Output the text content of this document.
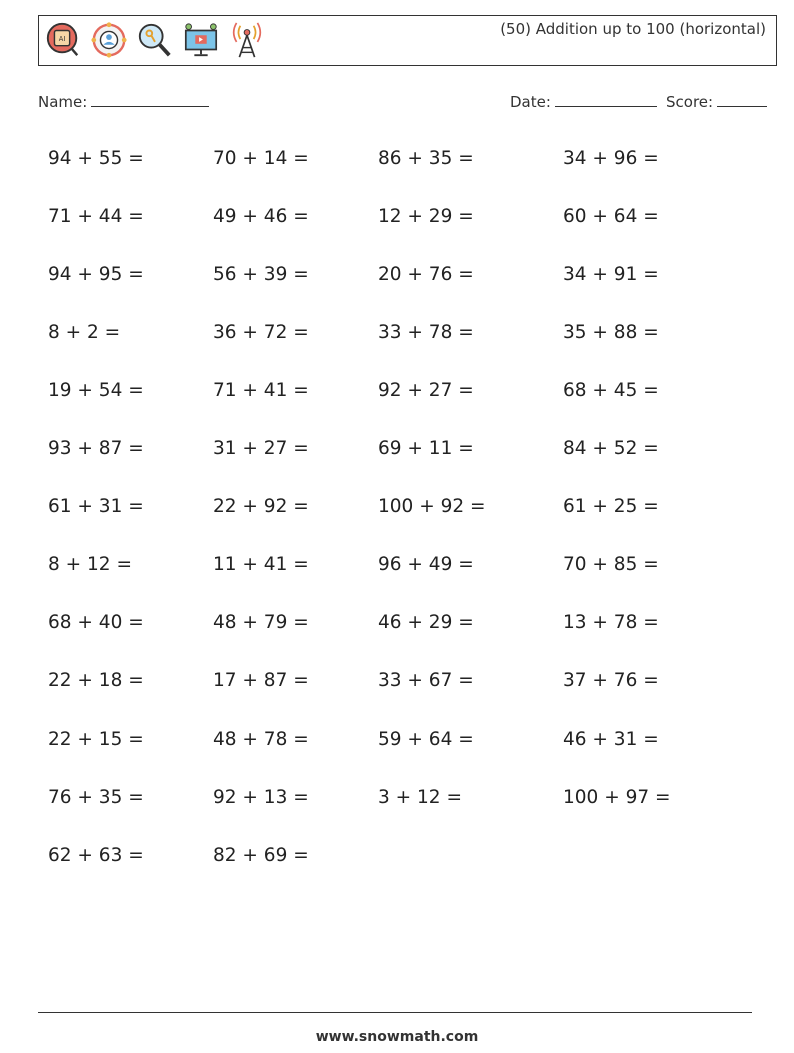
AI
(50) Addition up to 100 (horizontal)
Name:	Date:	Score:
94 + 55 =	70 + 14 =	86 + 35 =	34 + 96 =
71 + 44 =	49 + 46 =	12 + 29 =	60 + 64 =
94 + 95 =	56 + 39 =	20 + 76 =	34 + 91 =
8 + 2 =	36 + 72 =	33 + 78 =	35 + 88 =
19 + 54 =	71 + 41 =	92 + 27 =	68 + 45 =
93 + 87 =	31 + 27 =	69 + 11 =	84 + 52 =
61 + 31 =	22 + 92 =	100 + 92 =	61 + 25 =
8 + 12 =	11 + 41 =	96 + 49 =	70 + 85 =
68 + 40 =	48 + 79 =	46 + 29 =	13 + 78 =
22 + 18 =	17 + 87 =	33 + 67 =	37 + 76 =
22 + 15 =	48 + 78 =	59 + 64 =	46 + 31 =
76 + 35 =	92 + 13 =	3 + 12 =	100 + 97 =
62 + 63 =	82 + 69 =
www.snowmath.com
